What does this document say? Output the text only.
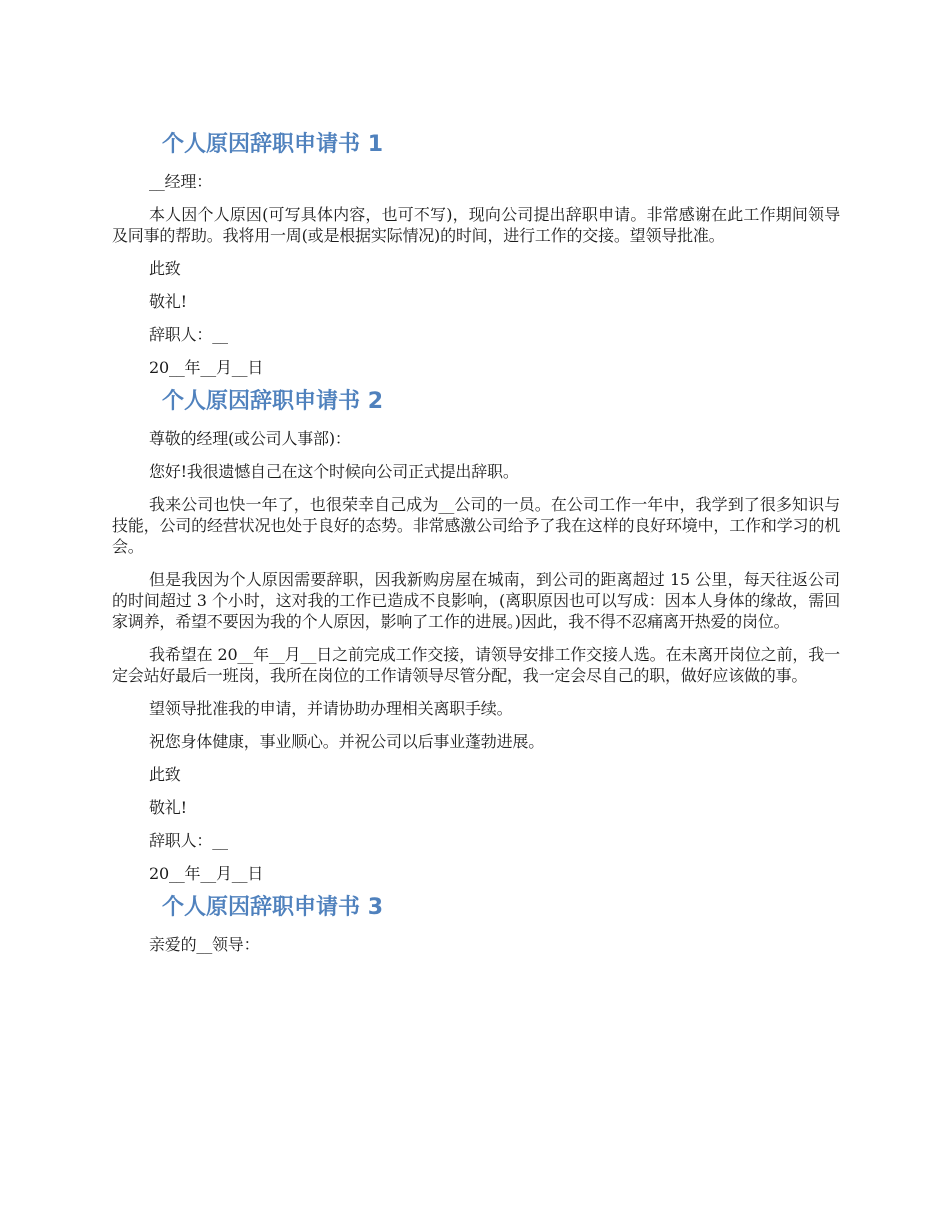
个人原因辞职申请书 1

__经理：

本人因个人原因(可写具体内容，也可不写)，现向公司提出辞职申请。非常感谢在此工作期间领导及同事的帮助。我将用一周(或是根据实际情况)的时间，进行工作的交接。望领导批准。

此致

敬礼!

辞职人：__

20__年__月__日

个人原因辞职申请书 2

尊敬的经理(或公司人事部)：

您好!我很遗憾自己在这个时候向公司正式提出辞职。

我来公司也快一年了，也很荣幸自己成为__公司的一员。在公司工作一年中，我学到了很多知识与技能，公司的经营状况也处于良好的态势。非常感激公司给予了我在这样的良好环境中，工作和学习的机会。

但是我因为个人原因需要辞职，因我新购房屋在城南，到公司的距离超过 15 公里，每天往返公司的时间超过 3 个小时，这对我的工作已造成不良影响，(离职原因也可以写成：因本人身体的缘故，需回家调养，希望不要因为我的个人原因，影响了工作的进展。)因此，我不得不忍痛离开热爱的岗位。

我希望在 20__年__月__日之前完成工作交接，请领导安排工作交接人选。在未离开岗位之前，我一定会站好最后一班岗，我所在岗位的工作请领导尽管分配，我一定会尽自己的职，做好应该做的事。

望领导批准我的申请，并请协助办理相关离职手续。

祝您身体健康，事业顺心。并祝公司以后事业蓬勃进展。

此致

敬礼!

辞职人：__

20__年__月__日

个人原因辞职申请书 3

亲爱的__领导：
